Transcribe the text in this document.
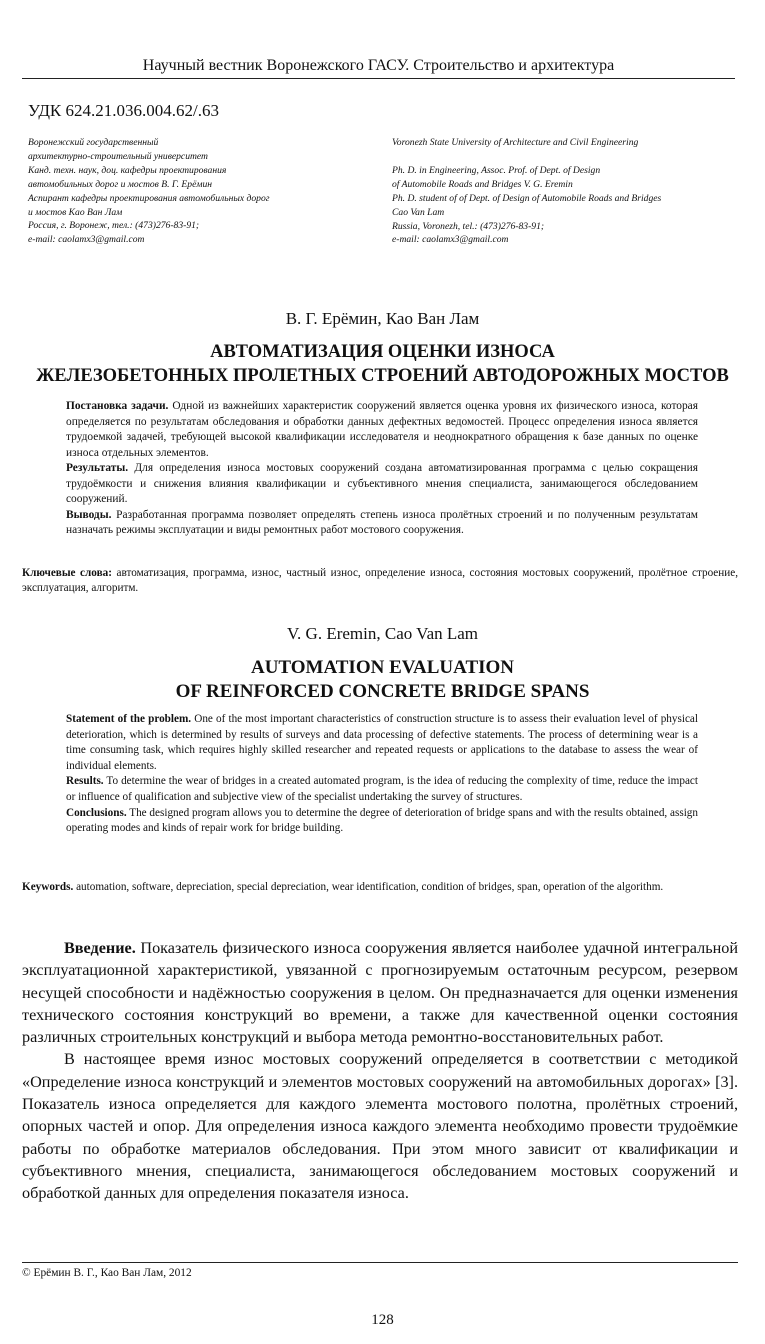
Научный вестник Воронежского ГАСУ. Строительство и архитектура
УДК 624.21.036.004.62/.63
Воронежский государственный
архитектурно-строительный университет
Канд. техн. наук, доц. кафедры проектирования
автомобильных дорог и мостов В. Г. Ерёмин
Аспирант кафедры проектирования автомобильных дорог
и мостов Као Ван Лам
Россия, г. Воронеж, тел.: (473)276-83-91;
e-mail: caolamx3@gmail.com
Voronezh State University of Architecture and Civil Engineering
Ph. D. in Engineering, Assoc. Prof. of Dept. of Design
of Automobile Roads and Bridges V. G. Eremin
Ph. D. student of of Dept. of Design of Automobile Roads and Bridges
Cao Van Lam
Russia, Voronezh, tel.: (473)276-83-91;
e-mail: caolamx3@gmail.com
В. Г. Ерёмин, Као Ван Лам
АВТОМАТИЗАЦИЯ ОЦЕНКИ ИЗНОСА
ЖЕЛЕЗОБЕТОННЫХ ПРОЛЕТНЫХ СТРОЕНИЙ АВТОДОРОЖНЫХ МОСТОВ

Постановка задачи. Одной из важнейших характеристик сооружений является оценка уровня их физического износа, которая определяется по результатам обследования и обработки данных дефектных ведомостей. Процесс определения износа является трудоемкой задачей, требующей высокой квалификации исследователя и неоднократного обращения к базе данных по оценке износа отдельных элементов.

Результаты. Для определения износа мостовых сооружений создана автоматизированная программа с целью сокращения трудоёмкости и снижения влияния квалификации и субъективного мнения специалиста, занимающегося обследованием сооружений.

Выводы. Разработанная программа позволяет определять степень износа пролётных строений и по полученным результатам назначать режимы эксплуатации и виды ремонтных работ мостового сооружения.

Ключевые слова: автоматизация, программа, износ, частный износ, определение износа, состояния мостовых сооружений, пролётное строение, эксплуатация, алгоритм.
V. G. Eremin, Cao Van Lam
AUTOMATION EVALUATION
OF REINFORCED CONCRETE BRIDGE SPANS

Statement of the problem. One of the most important characteristics of construction structure is to assess their evaluation level of physical deterioration, which is determined by results of surveys and data processing of defective statements. The process of determining wear is a time consuming task, which requires highly skilled researcher and repeated requests or applications to the database to assess the wear of individual elements.

Results. To determine the wear of bridges in a created automated program, is the idea of reducing the complexity of time, reduce the impact or influence of qualification and subjective view of the specialist undertaking the survey of structures.

Conclusions. The designed program allows you to determine the degree of deterioration of bridge spans and with the results obtained, assign operating modes and kinds of repair work for bridge building.

Keywords. automation, software, depreciation, special depreciation, wear identification, condition of bridges, span, operation of the algorithm.

Введение. Показатель физического износа сооружения является наиболее удачной интегральной эксплуатационной характеристикой, увязанной с прогнозируемым остаточным ресурсом, резервом несущей способности и надёжностью сооружения в целом. Он предназначается для оценки изменения технического состояния конструкций во времени, а также для качественной оценки состояния различных строительных конструкций и выбора метода ремонтно-восстановительных работ.

В настоящее время износ мостовых сооружений определяется в соответствии с методикой «Определение износа конструкций и элементов мостовых сооружений на автомобильных дорогах» [3]. Показатель износа определяется для каждого элемента мостового полотна, пролётных строений, опорных частей и опор. Для определения износа каждого элемента необходимо провести трудоёмкие работы по обработке материалов обследования. При этом много зависит от квалификации и субъективного мнения, специалиста, занимающегося обследованием мостовых сооружений и обработкой данных для определения показателя износа.

© Ерёмин В. Г., Као Ван Лам, 2012
128
